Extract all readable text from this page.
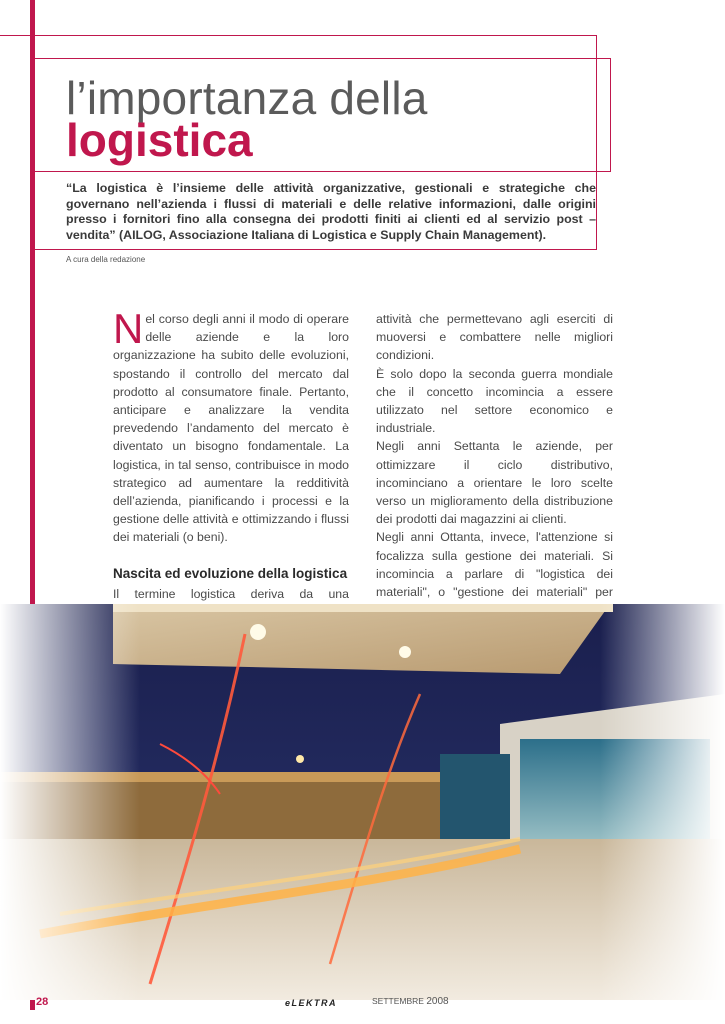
l’importanza della
logistica
“La logistica è l’insieme delle attività organizzative, gestionali e strategiche che governano nell’azienda i flussi di materiali e delle relative informazioni, dalle origini presso i fornitori fino alla consegna dei prodotti finiti ai clienti ed al servizio post – vendita” (AILOG, Associazione Italiana di Logistica e Supply Chain Management).
A cura della redazione

Nel corso degli anni il modo di operare delle aziende e la loro organizzazione ha subito delle evoluzioni, spostando il controllo del mercato dal prodotto al consumatore finale. Pertanto, anticipare e analizzare la vendita prevedendo l’andamento del mercato è diventato un bisogno fondamentale. La logistica, in tal senso, contribuisce in modo strategico ad aumentare la redditività dell’azienda, pianificando i processi e la gestione delle attività e ottimizzando i flussi dei materiali (o beni).

Nascita ed evoluzione della logistica

Il termine logistica deriva da una

attività che permettevano agli eserciti di muoversi e combattere nelle migliori condizioni.

È solo dopo la seconda guerra mondiale che il concetto incomincia a essere utilizzato nel settore economico e industriale.

Negli anni Settanta le aziende, per ottimizzare il ciclo distributivo, incominciano a orientare le loro scelte verso un miglioramento della distribuzione dei prodotti dai magazzini ai clienti.

Negli anni Ottanta, invece, l'attenzione si focalizza sulla gestione dei materiali. Si incomincia a parlare di "logistica dei materiali", o "gestione dei materiali" per

28	eLEKTRA	SETTEMBRE 2008
